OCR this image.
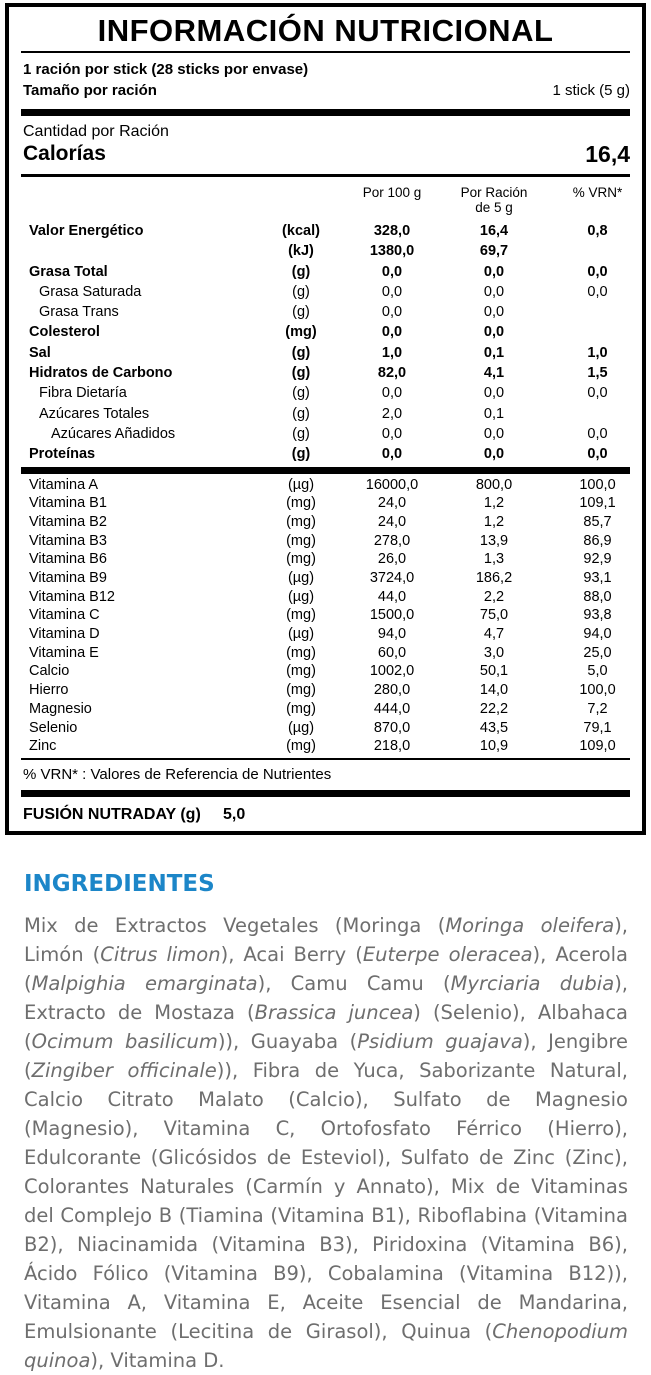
INFORMACIÓN NUTRICIONAL
1 ración por stick (28 sticks por envase)
Tamaño por ración	1 stick (5 g)
Cantidad por Ración
Calorías	16,4
Por 100 g	Por Ración
de 5 g
% VRN*
Valor Energético	(kcal)	328,0	16,4	0,8
(kJ)	1380,0	69,7
Grasa Total	(g)	0,0	0,0	0,0
Grasa Saturada	(g)	0,0	0,0	0,0
Grasa Trans	(g)	0,0	0,0
Colesterol	(mg)	0,0	0,0
Sal	(g)	1,0	0,1	1,0
Hidratos de Carbono	(g)	82,0	4,1	1,5
Fibra Dietaría	(g)	0,0	0,0	0,0
Azúcares Totales	(g)	2,0	0,1
Azúcares Añadidos	(g)	0,0	0,0	0,0
Proteínas	(g)	0,0	0,0	0,0
Vitamina A	(µg)	16000,0	800,0	100,0
Vitamina B1	(mg)	24,0	1,2	109,1
Vitamina B2	(mg)	24,0	1,2	85,7
Vitamina B3	(mg)	278,0	13,9	86,9
Vitamina B6	(mg)	26,0	1,3	92,9
Vitamina B9	(µg)	3724,0	186,2	93,1
Vitamina B12	(µg)	44,0	2,2	88,0
Vitamina C	(mg)	1500,0	75,0	93,8
Vitamina D	(µg)	94,0	4,7	94,0
Vitamina E	(mg)	60,0	3,0	25,0
Calcio	(mg)	1002,0	50,1	5,0
Hierro	(mg)	280,0	14,0	100,0
Magnesio	(mg)	444,0	22,2	7,2
Selenio	(µg)	870,0	43,5	79,1
Zinc	(mg)	218,0	10,9	109,0
% VRN* : Valores de Referencia de Nutrientes
FUSIÓN NUTRADAY (g)	5,0
INGREDIENTES
Mix de Extractos Vegetales (Moringa (Moringa oleifera), Limón (Citrus limon), Acai Berry (Euterpe oleracea), Acerola (Malpighia emarginata), Camu Camu (Myrciaria dubia), Extracto de Mostaza (Brassica juncea) (Selenio), Albahaca (Ocimum basilicum)), Guayaba (Psidium guajava), Jengibre (Zingiber officinale)), Fibra de Yuca, Saborizante Natural, Calcio Citrato Malato (Calcio), Sulfato de Magnesio (Magnesio), Vitamina C, Ortofosfato Férrico (Hierro), Edulcorante (Glicósidos de Esteviol), Sulfato de Zinc (Zinc), Colorantes Naturales (Carmín y Annato), Mix de Vitaminas del Complejo B (Tiamina (Vitamina B1), Riboflabina (Vitamina B2), Niacinamida (Vitamina B3), Piridoxina (Vitamina B6), Ácido Fólico (Vitamina B9), Cobalamina (Vitamina B12)), Vitamina A, Vitamina E, Aceite Esencial de Mandarina, Emulsionante (Lecitina de Girasol), Quinua (Chenopodium quinoa), Vitamina D.
